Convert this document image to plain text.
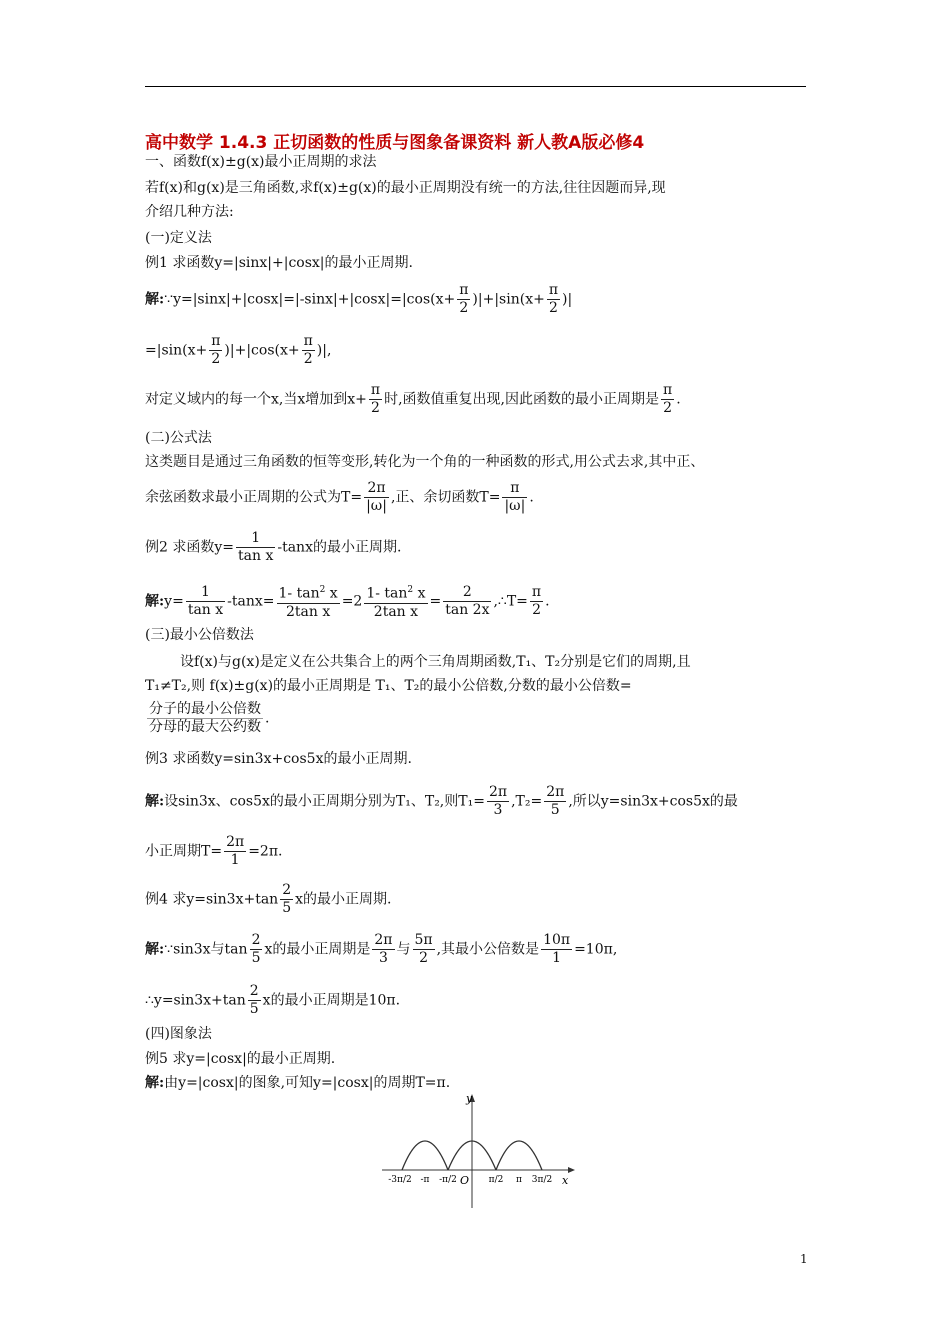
高中数学 1.4.3 正切函数的性质与图象备课资料 新人教A版必修4
一、函数f(x)±g(x)最小正周期的求法
若f(x)和g(x)是三角函数,求f(x)±g(x)的最小正周期没有统一的方法,往往因题而异,现
介绍几种方法:
(一)定义法
例1 求函数y=|sinx|+|cosx|的最小正周期.
解:∵y=|sinx|+|cosx|=|-sinx|+|cosx|=|cos(x+ $\frac{\pi}{2} )|+|\sin(x+ \frac{\pi}{2}$ )|
$=|\sin(x+ \frac{\pi}{2} )|+|\cos(x+ \frac{\pi}{2}$ )|,
对定义域内的每一个x,当x增加到$x+ \frac{\pi}{2}$ 时,函数值重复出现,因此函数的最小正周期是 $\frac{\pi}{2}$ .
(二)公式法
这类题目是通过三角函数的恒等变形,转化为一个角的一种函数的形式,用公式去求,其中正、
余弦函数求最小正周期的公式为$T= \frac{2\pi}{|\omega|}$ ,正、余切函数$T= \frac{\pi}{|\omega|}$ .
例2 求函数$y= \frac{1}{\text{tan x}} -\tan x$的最小正周期.
解:y= $\frac{1}{\text{tan x}} -\tan x= \frac{1- \tan^2 x}{\text{2tan x}} =2 \frac{1- \tan^2 x}{\text{2tan x}} = \frac{2}{\tan 2x}$ ,∴T= $\frac{\pi}{2}$ .
(三)最小公倍数法
设f(x)与g(x)是定义在公共集合上的两个三角周期函数,T₁、T₂分别是它们的周期,且
T₁≠T₂,则 f(x)±g(x)的最小正周期是 T₁、T₂的最小公倍数,分数的最小公倍数=
$\frac{\text{分子的最小公倍数}}{\text{分母的最大公约数}}$ .
例3 求函数y=sin3x+cos5x的最小正周期.
解:设sin3x、cos5x的最小正周期分别为T₁、T₂,则$T_1= \frac{2\pi}{3} ,T_2= \frac{2\pi}{5}$ ,所以y=sin3x+cos5x的最
小正周期$T= \frac{2\pi}{1} =2\pi$.
例4 求$y=\sin 3x+\tan \frac{2}{5}$ x的最小正周期.
解:∵sin3x与$\tan \frac{2}{5}$ x的最小正周期是 $\frac{2\pi}{3}$ 与 $\frac{5\pi}{2}$ ,其最小公倍数是 $\frac{10\pi}{1} =10\pi$,
∴y=sin3x+tan $\frac{2}{5}$ x的最小正周期是10π.
(四)图象法
例5 求y=|cosx|的最小正周期.
解:由y=|cosx|的图象,可知y=|cosx|的周期T=π.
y
x
O
-3π/2 -π -π/2	π/2 π 3π/2
1
